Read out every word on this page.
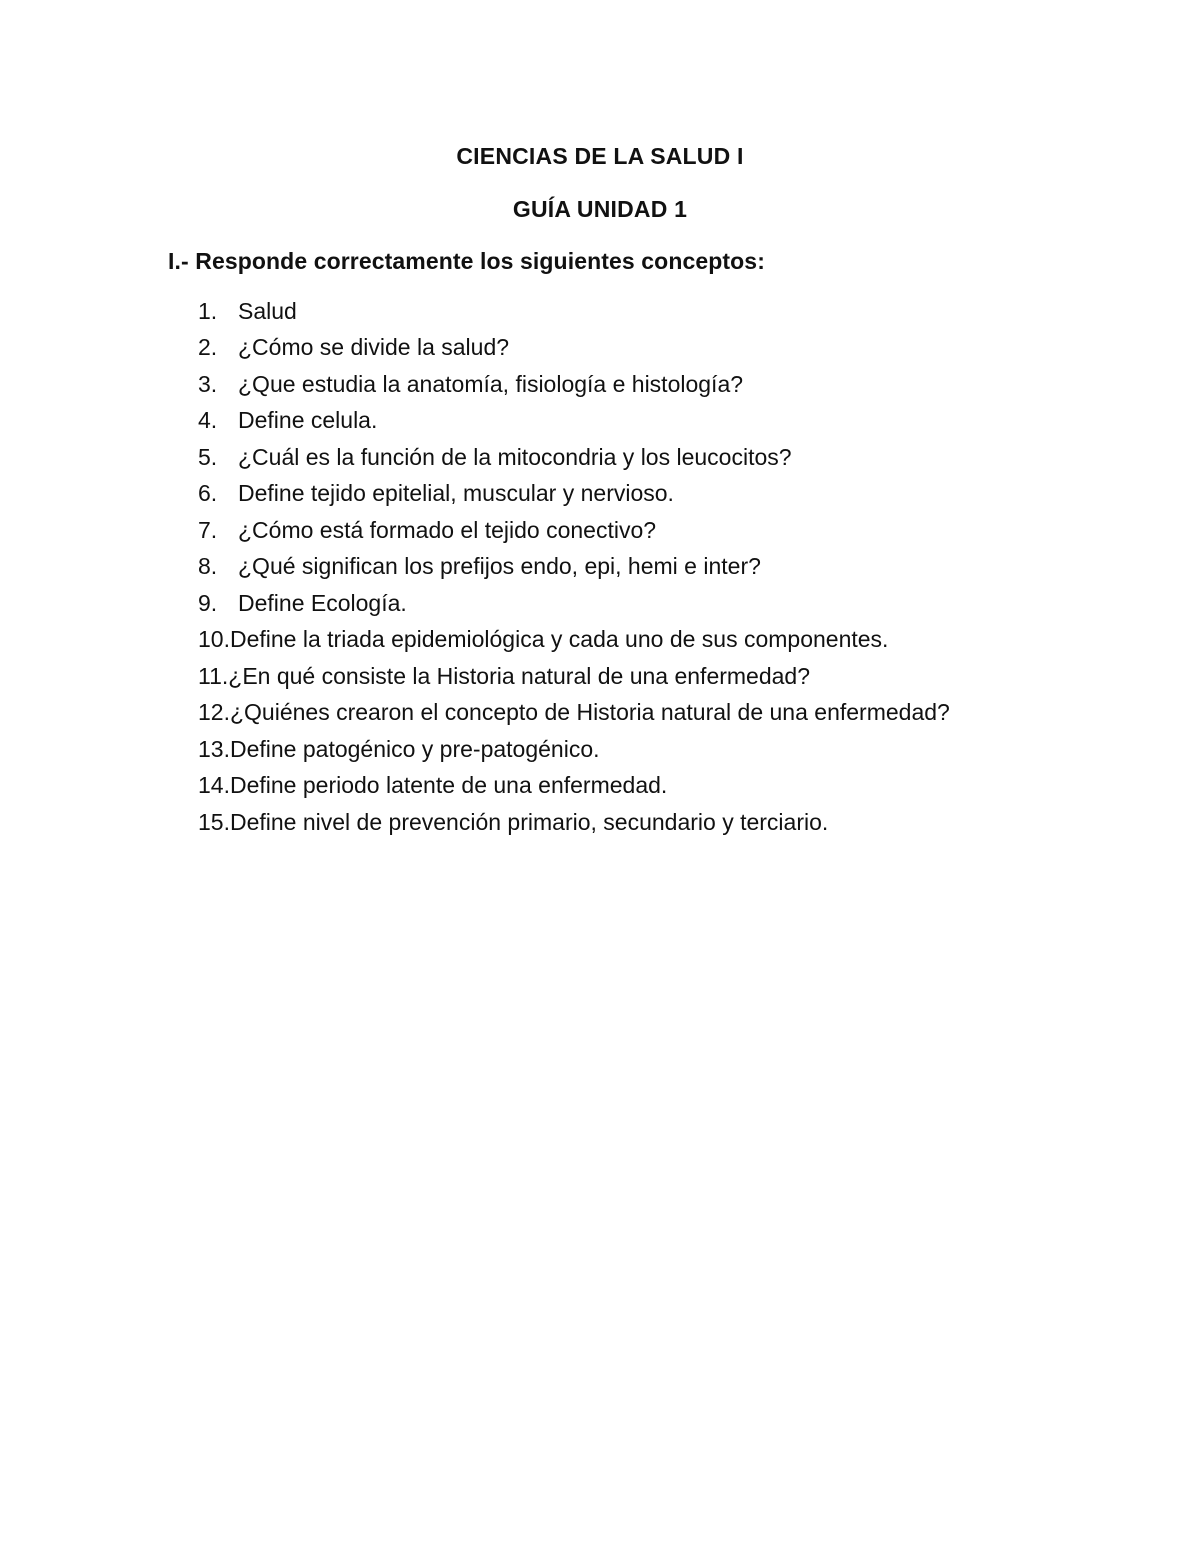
CIENCIAS DE LA SALUD I
GUÍA UNIDAD 1
I.- Responde correctamente los siguientes conceptos:
1. Salud
2. ¿Cómo se divide la salud?
3. ¿Que estudia la anatomía, fisiología e histología?
4. Define celula.
5. ¿Cuál es la función de la mitocondria y los leucocitos?
6. Define tejido epitelial, muscular y nervioso.
7. ¿Cómo está formado el tejido conectivo?
8. ¿Qué significan los prefijos endo, epi, hemi e inter?
9. Define Ecología.
10. Define la triada epidemiológica y cada uno de sus componentes.
11. ¿En qué consiste la Historia natural de una enfermedad?
12. ¿Quiénes crearon el concepto de Historia natural de una enfermedad?
13. Define patogénico y pre-patogénico.
14. Define periodo latente de una enfermedad.
15. Define nivel de prevención primario, secundario y terciario.
